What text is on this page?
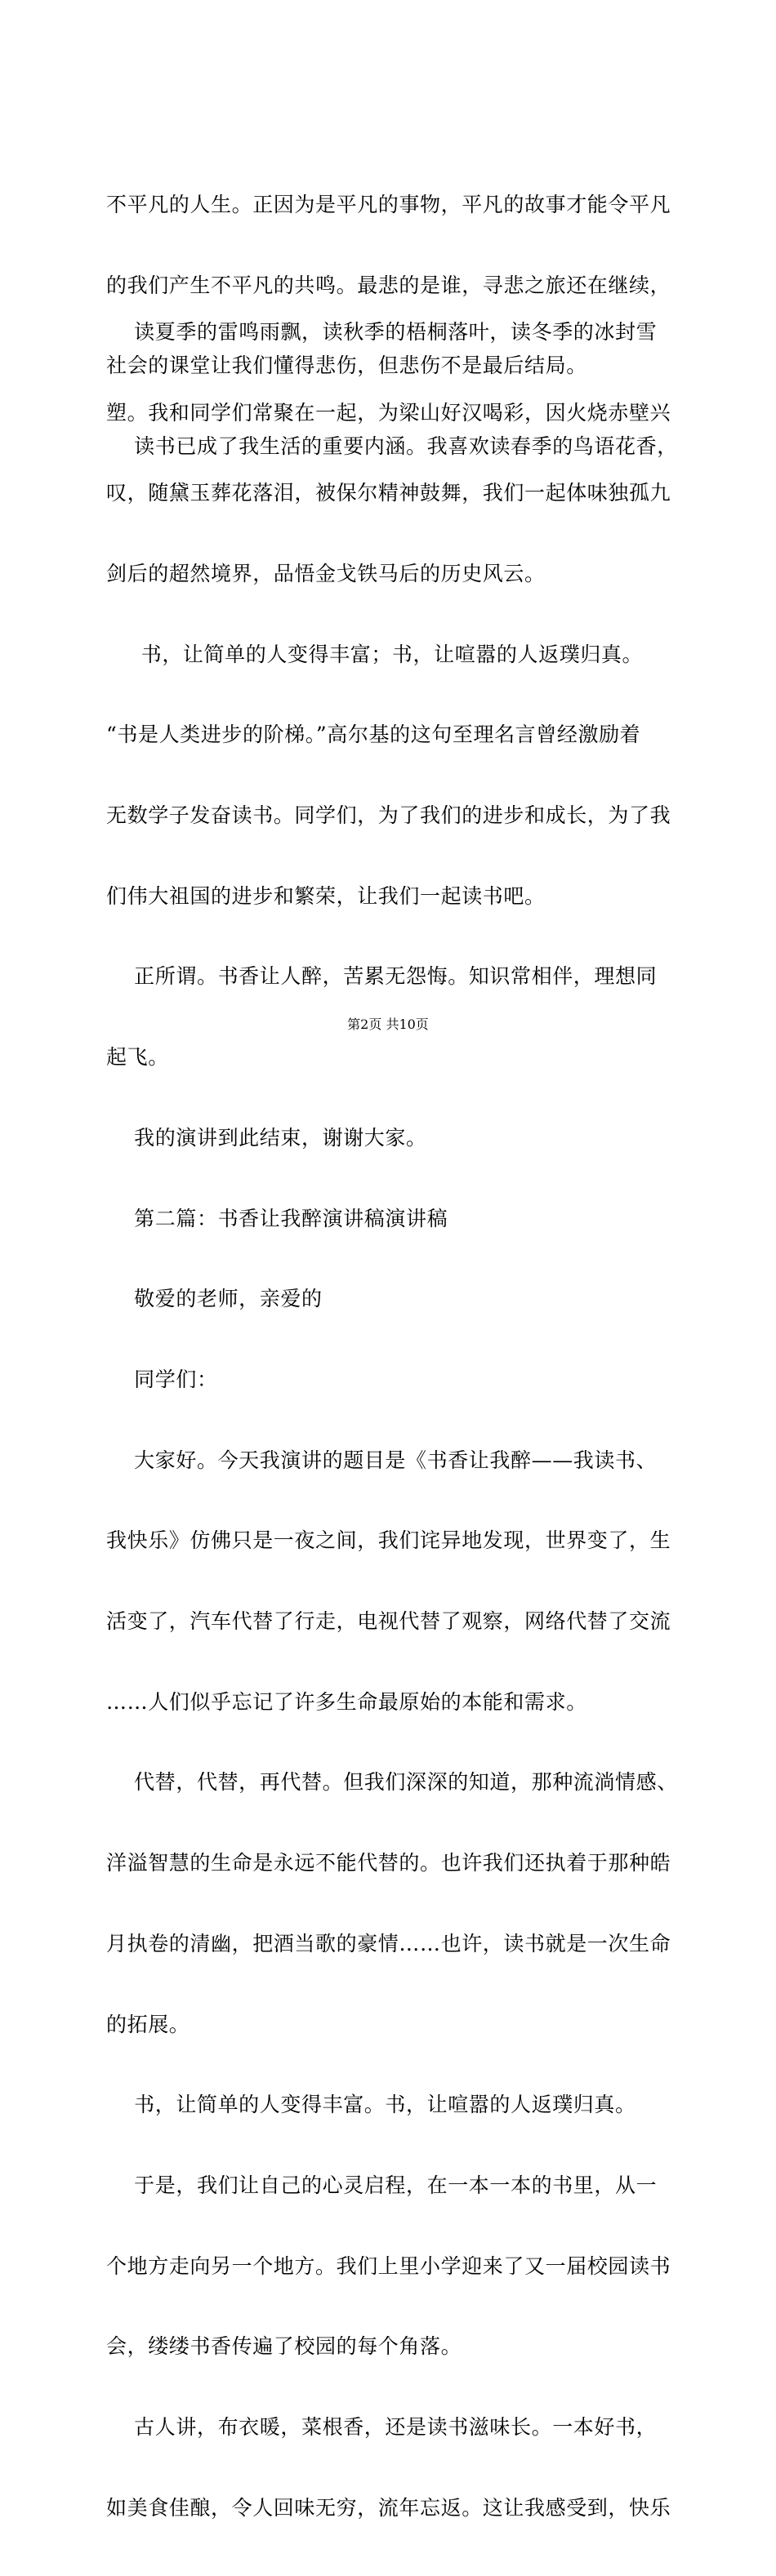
不平凡的人生。正因为是平凡的事物，平凡的故事才能令平凡

的我们产生不平凡的共鸣。最悲的是谁，寻悲之旅还在继续，

社会的课堂让我们懂得悲伤，但悲伤不是最后结局。

读书已成了我生活的重要内涵。我喜欢读春季的鸟语花香，

读夏季的雷鸣雨飘，读秋季的梧桐落叶，读冬季的冰封雪

塑。我和同学们常聚在一起，为梁山好汉喝彩，因火烧赤壁兴

叹，随黛玉葬花落泪，被保尔精神鼓舞，我们一起体味独孤九

剑后的超然境界，品悟金戈铁马后的历史风云。

书，让简单的人变得丰富；书，让喧嚣的人返璞归真。

“书是人类进步的阶梯。”高尔基的这句至理名言曾经激励着

无数学子发奋读书。同学们，为了我们的进步和成长，为了我

们伟大祖国的进步和繁荣，让我们一起读书吧。

正所谓。书香让人醉，苦累无怨悔。知识常相伴，理想同

起飞。

我的演讲到此结束，谢谢大家。

第二篇：书香让我醉演讲稿演讲稿

敬爱的老师，亲爱的

同学们：

大家好。今天我演讲的题目是《书香让我醉——我读书、

我快乐》仿佛只是一夜之间，我们诧异地发现，世界变了，生

活变了，汽车代替了行走，电视代替了观察，网络代替了交流

……人们似乎忘记了许多生命最原始的本能和需求。

代替，代替，再代替。但我们深深的知道，那种流淌情感、

洋溢智慧的生命是永远不能代替的。也许我们还执着于那种皓

月执卷的清幽，把酒当歌的豪情……也许，读书就是一次生命

的拓展。

书，让简单的人变得丰富。书，让喧嚣的人返璞归真。

于是，我们让自己的心灵启程，在一本一本的书里，从一

个地方走向另一个地方。我们上里小学迎来了又一届校园读书

会，缕缕书香传遍了校园的每个角落。

古人讲，布衣暖，菜根香，还是读书滋味长。一本好书，

如美食佳酿，令人回味无穷，流年忘返。这让我感受到，快乐

第2页 共10页
